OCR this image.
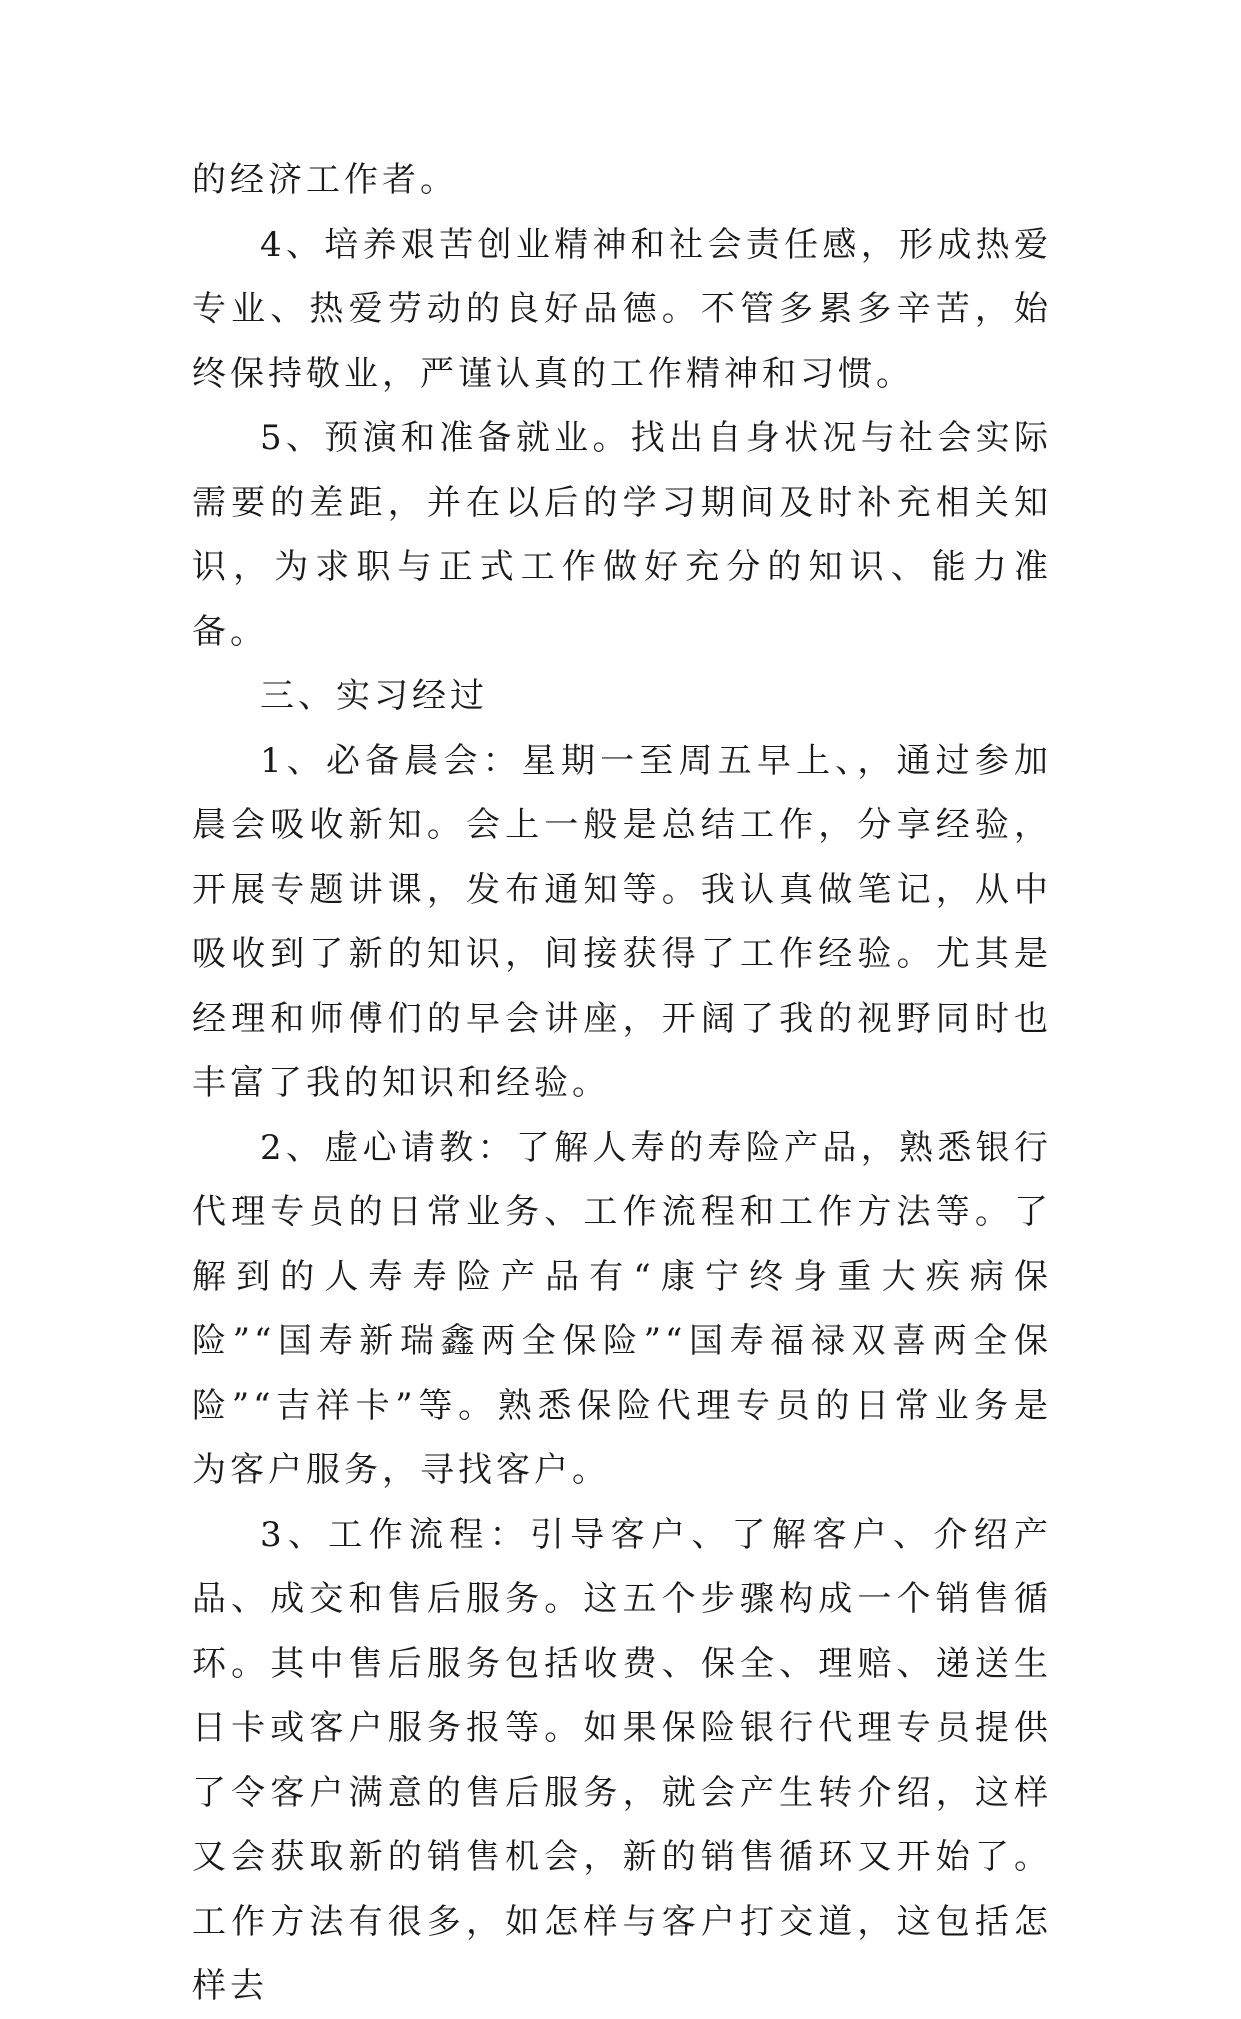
的经济工作者。

4、培养艰苦创业精神和社会责任感，形成热爱专业、热爱劳动的良好品德。不管多累多辛苦，始终保持敬业，严谨认真的工作精神和习惯。

5、预演和准备就业。找出自身状况与社会实际需要的差距，并在以后的学习期间及时补充相关知识，为求职与正式工作做好充分的知识、能力准备。

三、实习经过

1、必备晨会：星期一至周五早上、，通过参加晨会吸收新知。会上一般是总结工作，分享经验，开展专题讲课，发布通知等。我认真做笔记，从中吸收到了新的知识，间接获得了工作经验。尤其是经理和师傅们的早会讲座，开阔了我的视野同时也丰富了我的知识和经验。

2、虚心请教：了解人寿的寿险产品，熟悉银行代理专员的日常业务、工作流程和工作方法等。了解到的人寿寿险产品有“康宁终身重大疾病保险”“国寿新瑞鑫两全保险”“国寿福禄双喜两全保险”“吉祥卡”等。熟悉保险代理专员的日常业务是为客户服务，寻找客户。

3、工作流程：引导客户、了解客户、介绍产品、成交和售后服务。这五个步骤构成一个销售循环。其中售后服务包括收费、保全、理赔、递送生日卡或客户服务报等。如果保险银行代理专员提供了令客户满意的售后服务，就会产生转介绍，这样又会获取新的销售机会，新的销售循环又开始了。工作方法有很多，如怎样与客户打交道，这包括怎样去
